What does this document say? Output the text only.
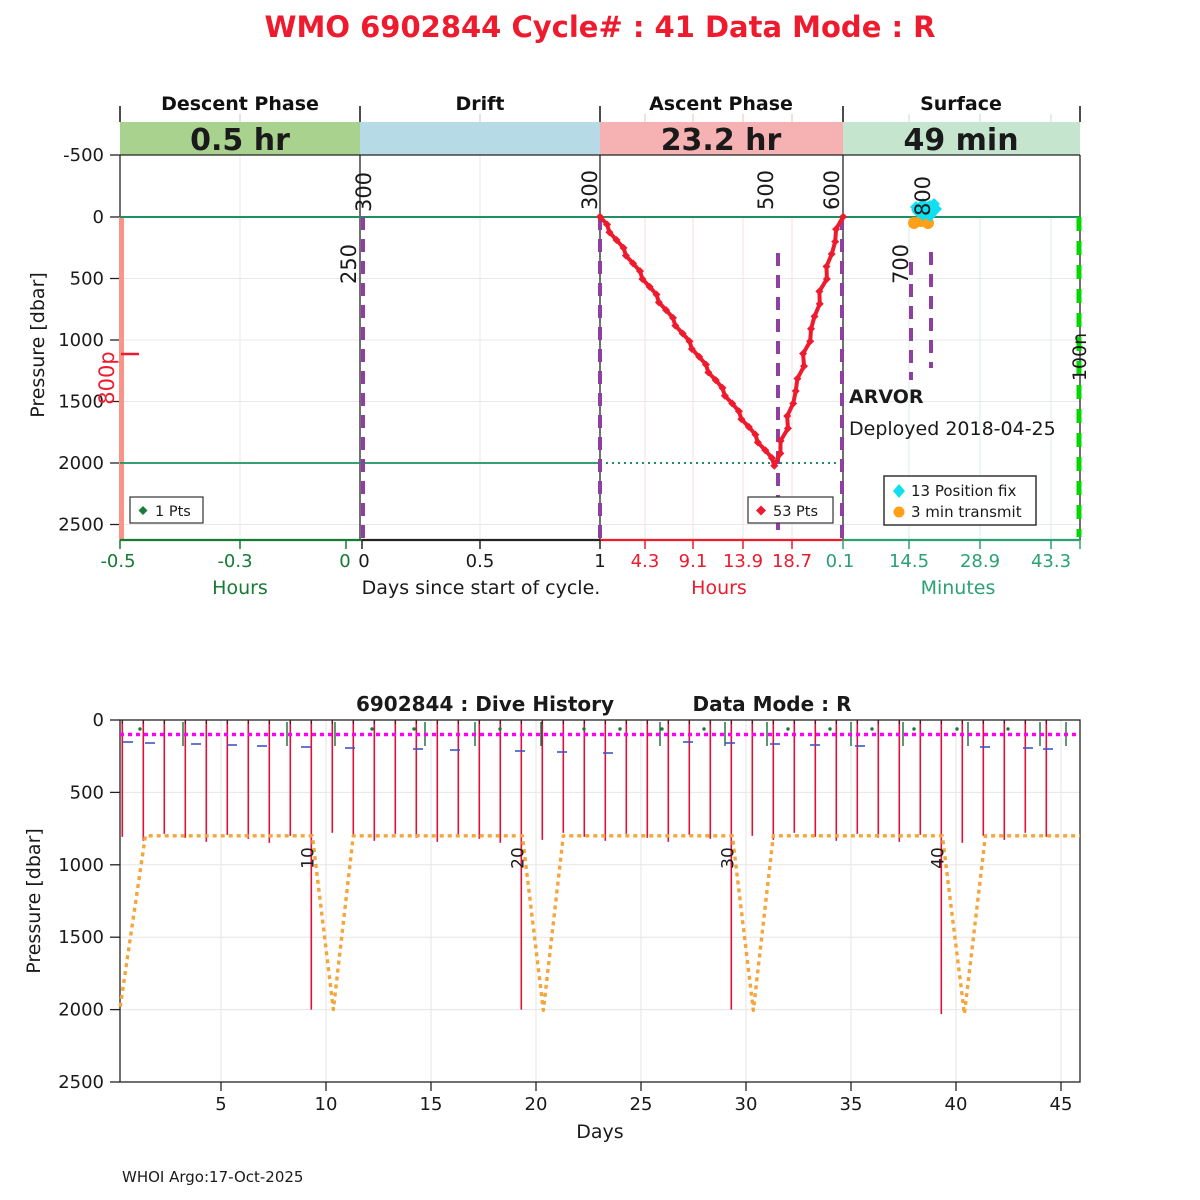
WMO 6902844 Cycle# : 41 Data Mode : R
Descent Phase	Drift	Ascent Phase	Surface
0.5 hr	23.2 hr	49 min
-500
0
500
1000
1500
2000
2500
Pressure [dbar] 800p
250
300	300	500 600
700
800
100n
ARVOR
Deployed 2018-04-25
1 Pts	53 Pts
13 Position fix
3 min transmit
-0.5	-0.3	0 0	0.5	1 4.3 9.1 13.9 18.7 0.1 14.5 28.9 43.3
Hours	Days since start of cycle.	Hours	Minutes
6902844 : Dive History	Data Mode : R
10	20	30	40
0
500
1000
1500
2000
2500
Pressure [dbar]
5	10	15	20	25	30	35	40	45
Days
WHOI Argo:17-Oct-2025
